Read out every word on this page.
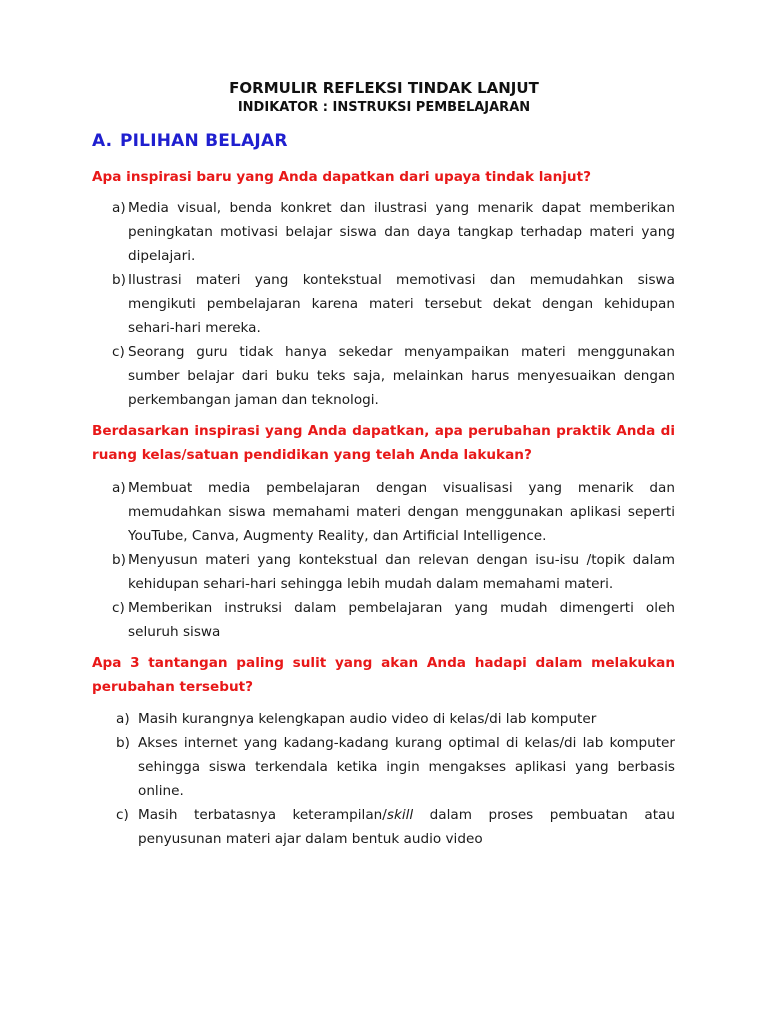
FORMULIR REFLEKSI TINDAK LANJUT
INDIKATOR : INSTRUKSI PEMBELAJARAN
A. PILIHAN BELAJAR
Apa inspirasi baru yang Anda dapatkan dari upaya tindak lanjut?
a) Media visual, benda konkret dan ilustrasi yang menarik dapat memberikan peningkatan motivasi belajar siswa dan daya tangkap terhadap materi yang dipelajari.
b) Ilustrasi materi yang kontekstual memotivasi dan memudahkan siswa mengikuti pembelajaran karena materi tersebut dekat dengan kehidupan sehari-hari mereka.
c) Seorang guru tidak hanya sekedar menyampaikan materi menggunakan sumber belajar dari buku teks saja, melainkan harus menyesuaikan dengan perkembangan jaman dan teknologi.
Berdasarkan inspirasi yang Anda dapatkan, apa perubahan praktik Anda di ruang kelas/satuan pendidikan yang telah Anda lakukan?
a) Membuat media pembelajaran dengan visualisasi yang menarik dan memudahkan siswa memahami materi dengan menggunakan aplikasi seperti YouTube, Canva, Augmenty Reality, dan Artificial Intelligence.
b) Menyusun materi yang kontekstual dan relevan dengan isu-isu /topik dalam kehidupan sehari-hari sehingga lebih mudah dalam memahami materi.
c) Memberikan instruksi dalam pembelajaran yang mudah dimengerti oleh seluruh siswa
Apa 3 tantangan paling sulit yang akan Anda hadapi dalam melakukan perubahan tersebut?
a) Masih kurangnya kelengkapan audio video di kelas/di lab komputer
b) Akses internet yang kadang-kadang kurang optimal di kelas/di lab komputer sehingga siswa terkendala ketika ingin mengakses aplikasi yang berbasis online.
c) Masih terbatasnya keterampilan/skill dalam proses pembuatan atau penyusunan materi ajar dalam bentuk audio video
